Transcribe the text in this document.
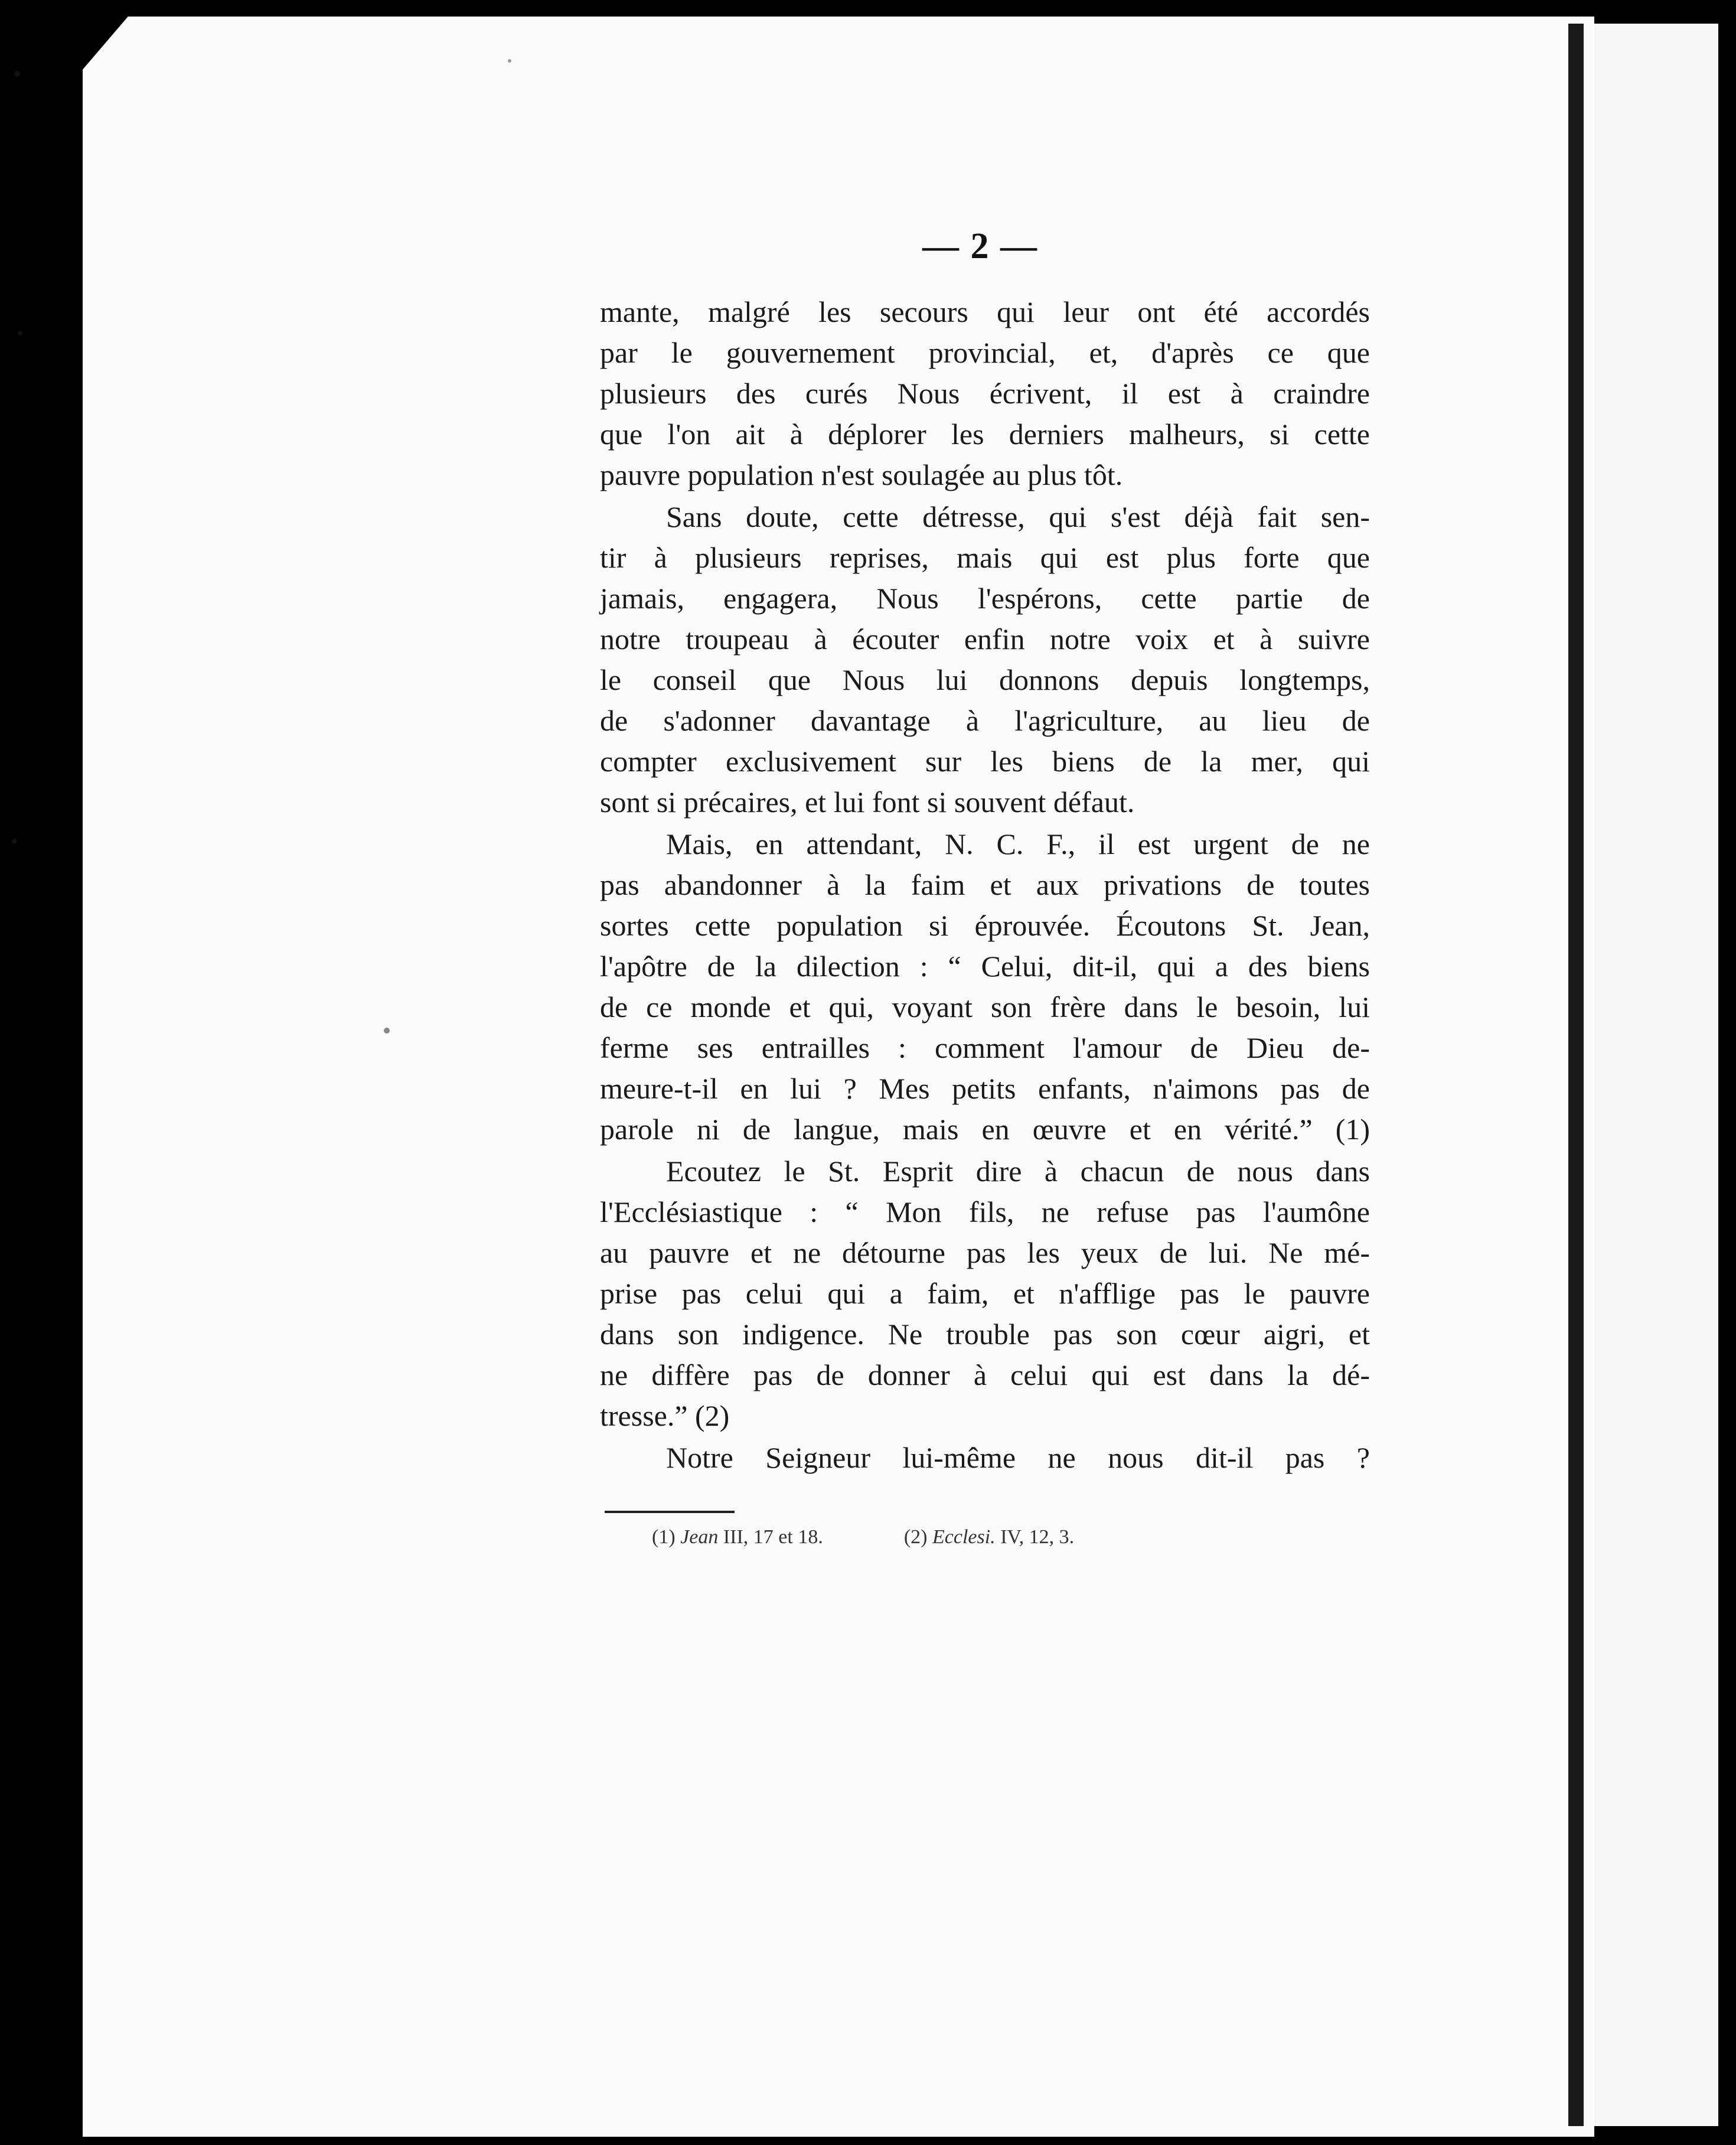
— 2 —
mante, malgré les secours qui leur ont été accordés
par le gouvernement provincial, et, d'après ce que
plusieurs des curés Nous écrivent, il est à craindre
que l'on ait à déplorer les derniers malheurs, si cette
pauvre population n'est soulagée au plus tôt.
Sans doute, cette détresse, qui s'est déjà fait sen-
tir à plusieurs reprises, mais qui est plus forte que
jamais, engagera, Nous l'espérons, cette partie de
notre troupeau à écouter enfin notre voix et à suivre
le conseil que Nous lui donnons depuis longtemps,
de s'adonner davantage à l'agriculture, au lieu de
compter exclusivement sur les biens de la mer, qui
sont si précaires, et lui font si souvent défaut.
Mais, en attendant, N. C. F., il est urgent de ne
pas abandonner à la faim et aux privations de toutes
sortes cette population si éprouvée. Écoutons St. Jean,
l'apôtre de la dilection : “ Celui, dit-il, qui a des biens
de ce monde et qui, voyant son frère dans le besoin, lui
ferme ses entrailles : comment l'amour de Dieu de-
meure-t-il en lui ? Mes petits enfants, n'aimons pas de
parole ni de langue, mais en œuvre et en vérité.” (1)
Ecoutez le St. Esprit dire à chacun de nous dans
l'Ecclésiastique : “ Mon fils, ne refuse pas l'aumône
au pauvre et ne détourne pas les yeux de lui. Ne mé-
prise pas celui qui a faim, et n'afflige pas le pauvre
dans son indigence. Ne trouble pas son cœur aigri, et
ne diffère pas de donner à celui qui est dans la dé-
tresse.” (2)
Notre Seigneur lui-même ne nous dit-il pas ?
(1) Jean III, 17 et 18.	(2) Ecclesi. IV, 12, 3.
